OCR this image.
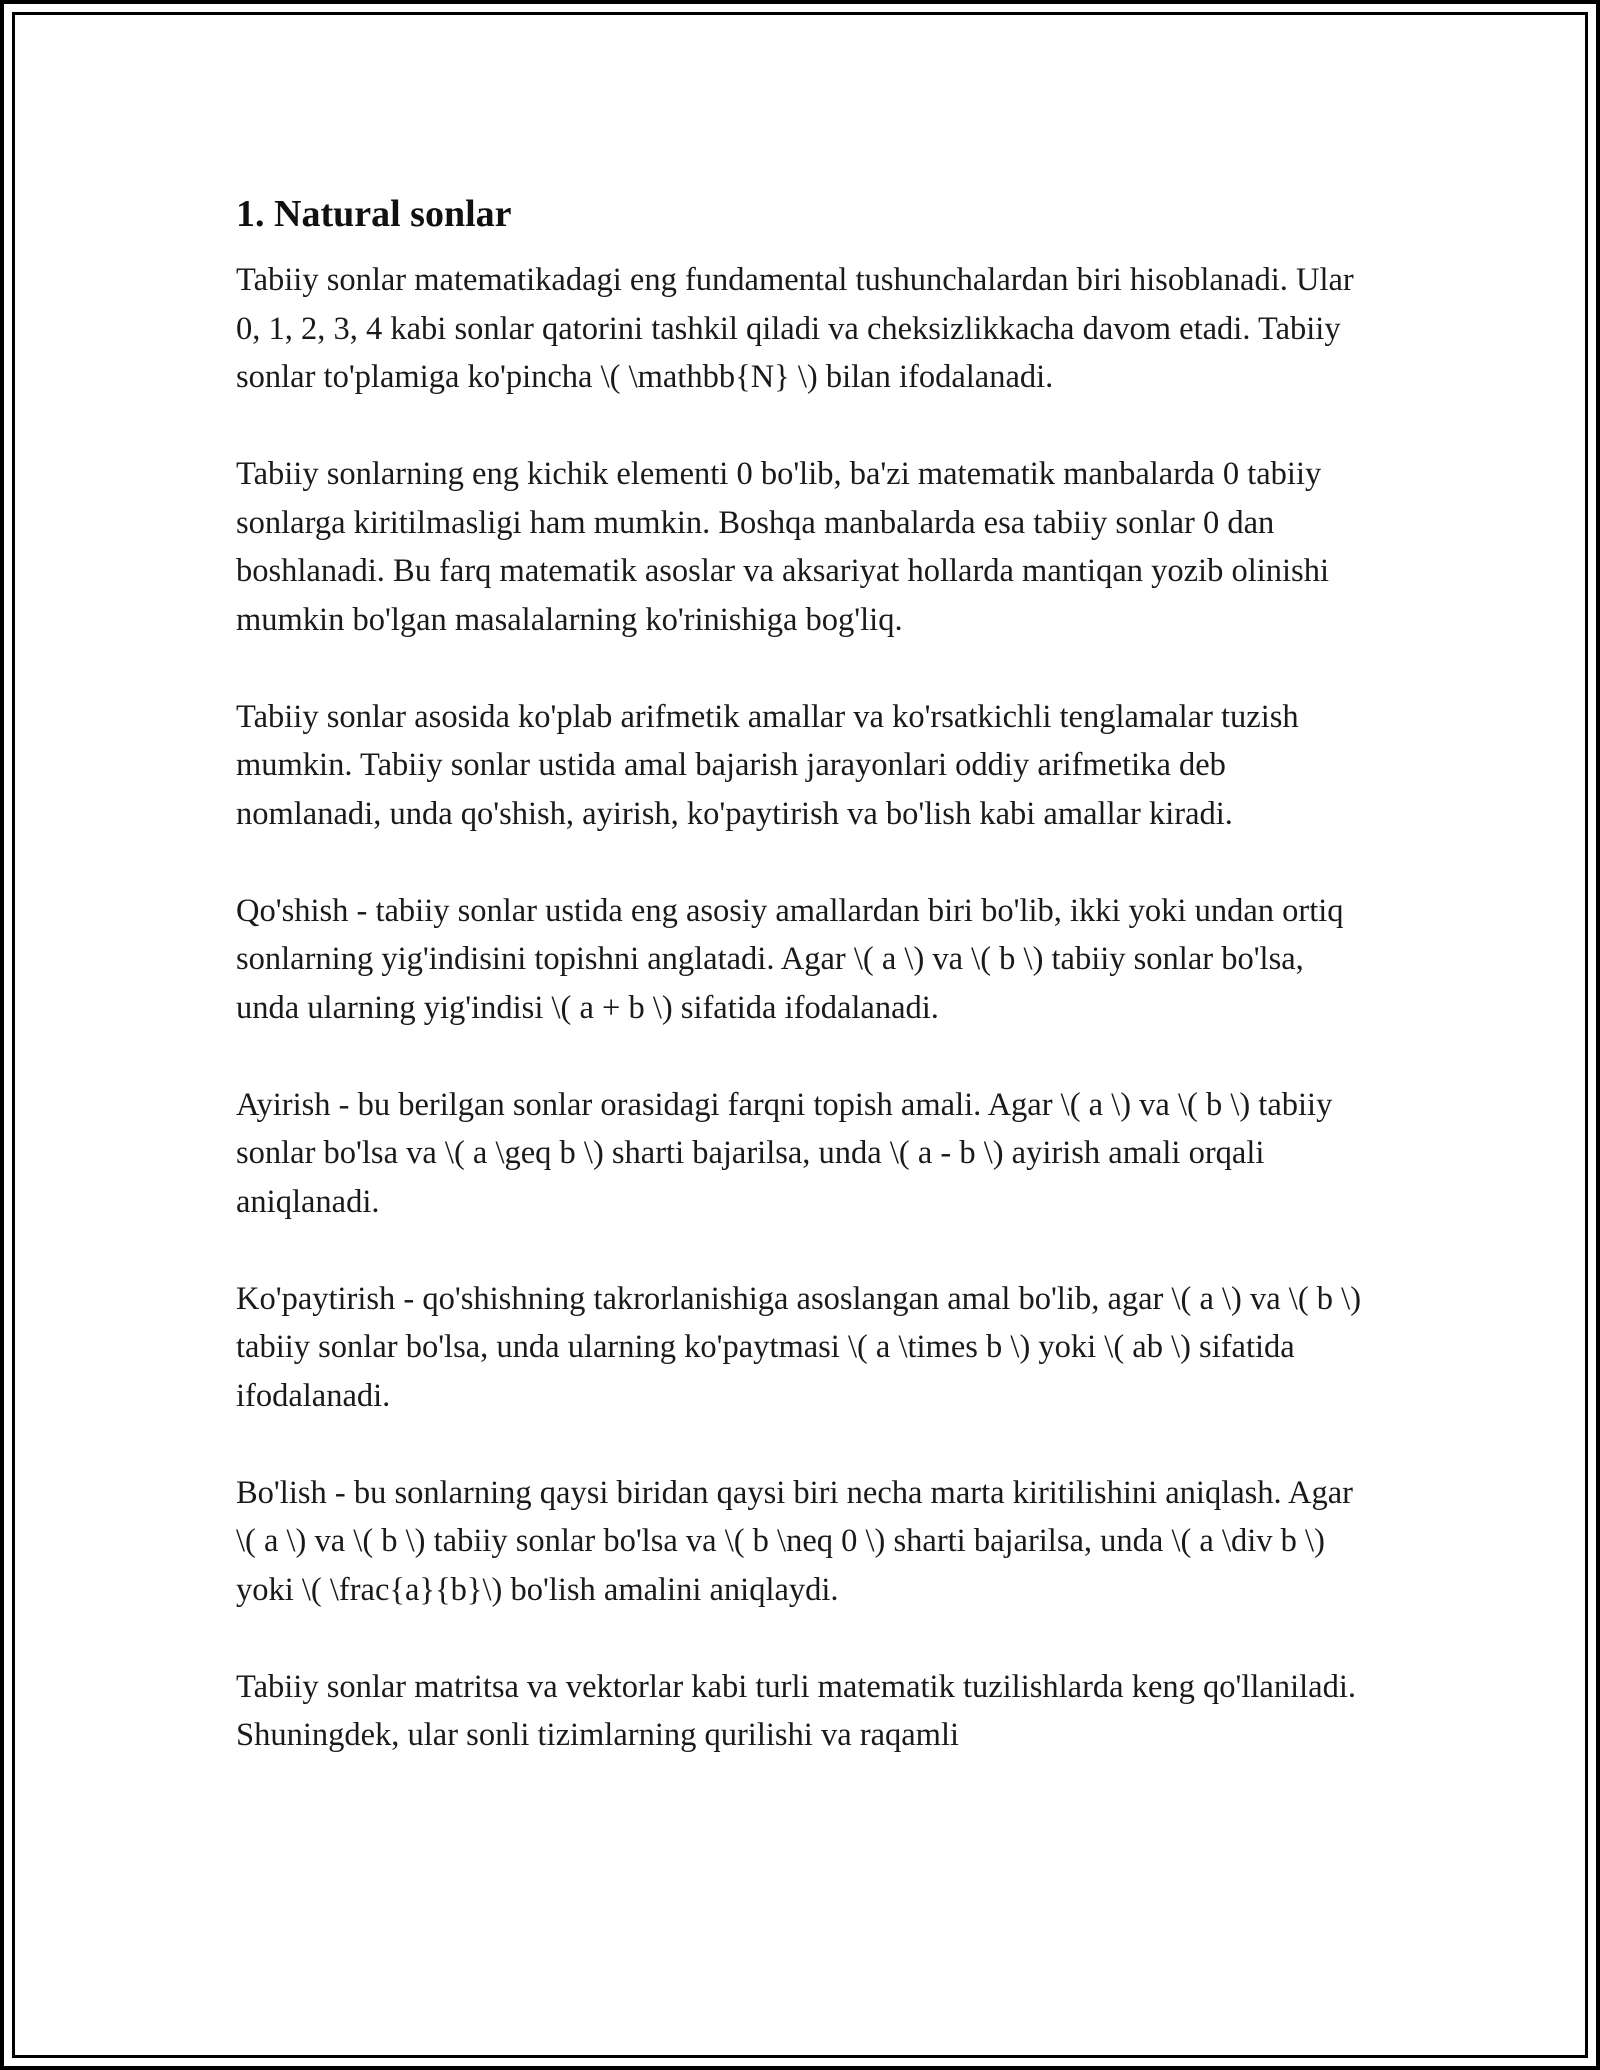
1. Natural sonlar

Tabiiy sonlar matematikadagi eng fundamental tushunchalardan biri hisoblanadi. Ular 0, 1, 2, 3, 4 kabi sonlar qatorini tashkil qiladi va cheksizlikkacha davom etadi. Tabiiy sonlar to'plamiga ko'pincha \( \mathbb{N} \) bilan ifodalanadi.

Tabiiy sonlarning eng kichik elementi 0 bo'lib, ba'zi matematik manbalarda 0 tabiiy sonlarga kiritilmasligi ham mumkin. Boshqa manbalarda esa tabiiy sonlar 0 dan boshlanadi. Bu farq matematik asoslar va aksariyat hollarda mantiqan yozib olinishi mumkin bo'lgan masalalarning ko'rinishiga bog'liq.

Tabiiy sonlar asosida ko'plab arifmetik amallar va ko'rsatkichli tenglamalar tuzish mumkin. Tabiiy sonlar ustida amal bajarish jarayonlari oddiy arifmetika deb nomlanadi, unda qo'shish, ayirish, ko'paytirish va bo'lish kabi amallar kiradi.

Qo'shish - tabiiy sonlar ustida eng asosiy amallardan biri bo'lib, ikki yoki undan ortiq sonlarning yig'indisini topishni anglatadi. Agar \( a \) va \( b \) tabiiy sonlar bo'lsa, unda ularning yig'indisi \( a + b \) sifatida ifodalanadi.

Ayirish - bu berilgan sonlar orasidagi farqni topish amali. Agar \( a \) va \( b \) tabiiy sonlar bo'lsa va \( a \geq b \) sharti bajarilsa, unda \( a - b \) ayirish amali orqali aniqlanadi.

Ko'paytirish - qo'shishning takrorlanishiga asoslangan amal bo'lib, agar \( a \) va \( b \) tabiiy sonlar bo'lsa, unda ularning ko'paytmasi \( a \times b \) yoki \( ab \) sifatida ifodalanadi.

Bo'lish - bu sonlarning qaysi biridan qaysi biri necha marta kiritilishini aniqlash. Agar \( a \) va \( b \) tabiiy sonlar bo'lsa va \( b \neq 0 \) sharti bajarilsa, unda \( a \div b \) yoki \( \frac{a}{b}\) bo'lish amalini aniqlaydi.

Tabiiy sonlar matritsa va vektorlar kabi turli matematik tuzilishlarda keng qo'llaniladi. Shuningdek, ular sonli tizimlarning qurilishi va raqamli
